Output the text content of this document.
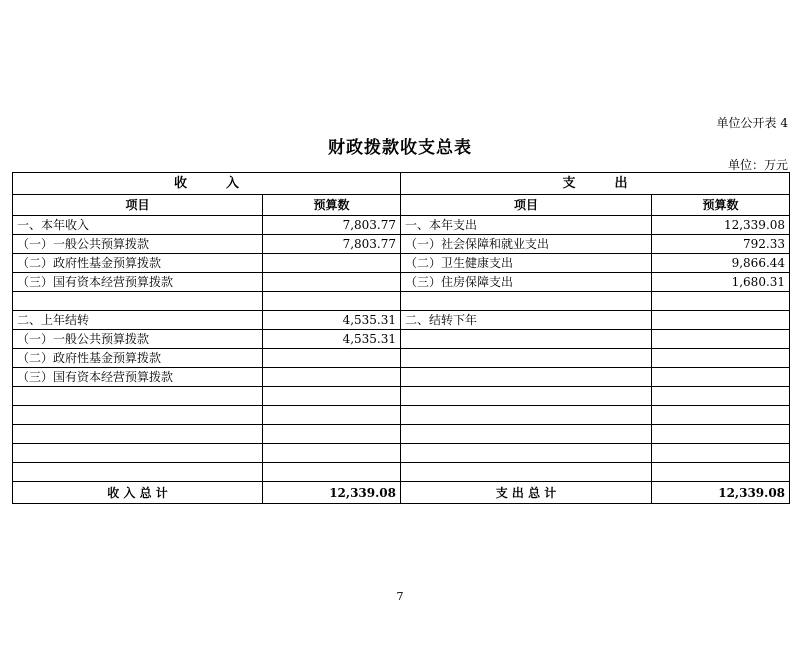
单位公开表 4
财政拨款收支总表
单位：万元
收　　　入		支　　　出	
项目	预算数	项目	预算数
一、本年收入	7,803.77	一、本年支出	12,339.08
（一）一般公共预算拨款	7,803.77	（一）社会保障和就业支出	792.33
（二）政府性基金预算拨款		（二）卫生健康支出	9,866.44
（三）国有资本经营预算拨款		（三）住房保障支出	1,680.31

二、上年结转	4,535.31	二、结转下年	
（一）一般公共预算拨款	4,535.31		
（二）政府性基金预算拨款			
（三）国有资本经营预算拨款			

收 入 总 计	12,339.08	支 出 总 计	12,339.08
7
